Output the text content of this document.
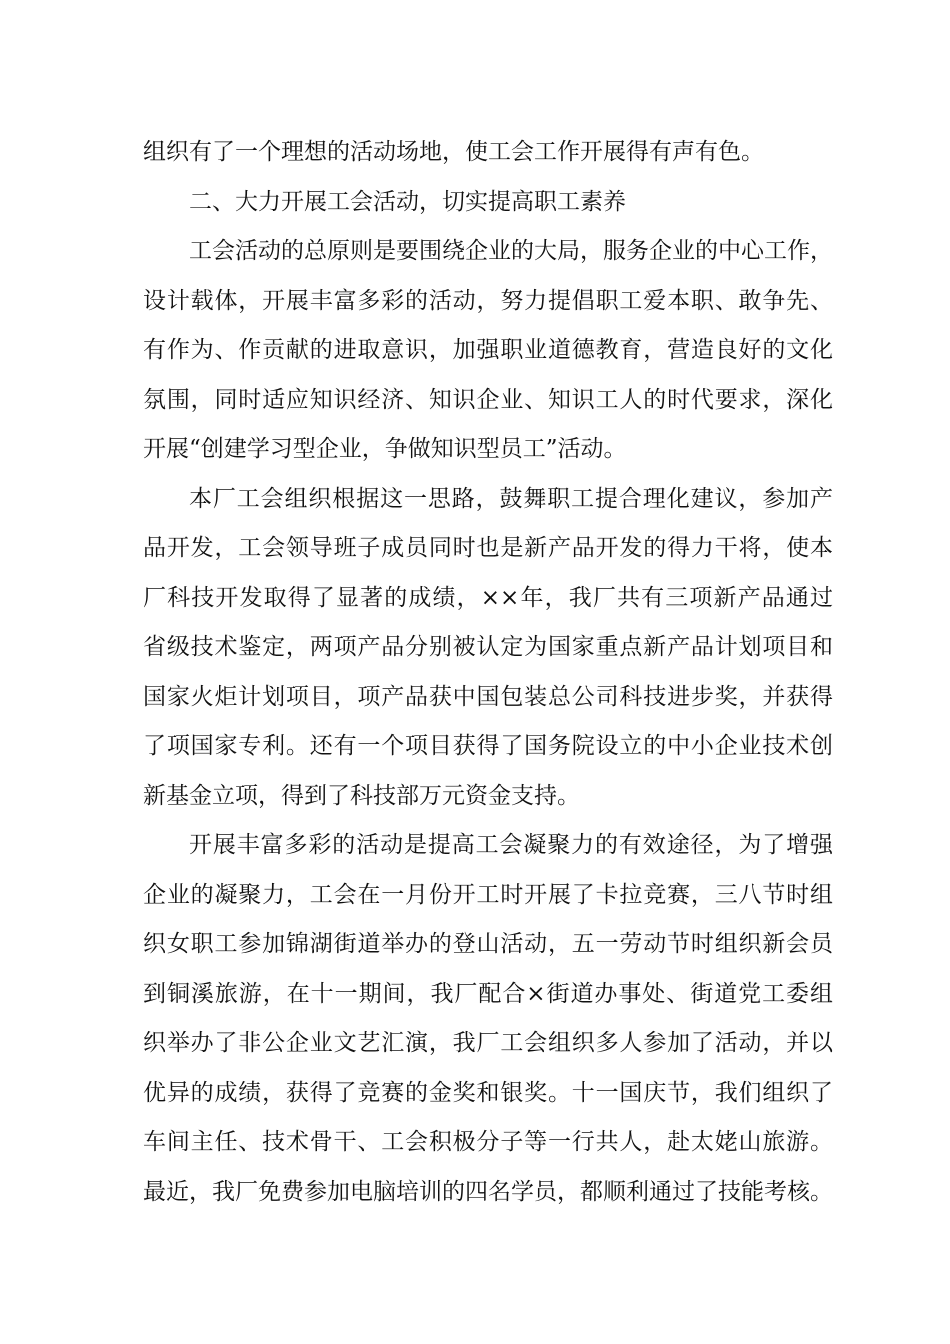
组织有了一个理想的活动场地，使工会工作开展得有声有色。

二、大力开展工会活动，切实提高职工素养

工会活动的总原则是要围绕企业的大局，服务企业的中心工作，

设计载体，开展丰富多彩的活动，努力提倡职工爱本职、敢争先、

有作为、作贡献的进取意识，加强职业道德教育，营造良好的文化

氛围，同时适应知识经济、知识企业、知识工人的时代要求，深化

开展“创建学习型企业，争做知识型员工”活动。

本厂工会组织根据这一思路，鼓舞职工提合理化建议，参加产

品开发，工会领导班子成员同时也是新产品开发的得力干将，使本

厂科技开发取得了显著的成绩，××年，我厂共有三项新产品通过

省级技术鉴定，两项产品分别被认定为国家重点新产品计划项目和

国家火炬计划项目，项产品获中国包装总公司科技进步奖，并获得

了项国家专利。还有一个项目获得了国务院设立的中小企业技术创

新基金立项，得到了科技部万元资金支持。

开展丰富多彩的活动是提高工会凝聚力的有效途径，为了增强

企业的凝聚力，工会在一月份开工时开展了卡拉竞赛，三八节时组

织女职工参加锦湖街道举办的登山活动，五一劳动节时组织新会员

到铜溪旅游，在十一期间，我厂配合×街道办事处、街道党工委组

织举办了非公企业文艺汇演，我厂工会组织多人参加了活动，并以

优异的成绩，获得了竞赛的金奖和银奖。十一国庆节，我们组织了

车间主任、技术骨干、工会积极分子等一行共人，赴太姥山旅游。

最近，我厂免费参加电脑培训的四名学员，都顺利通过了技能考核。
